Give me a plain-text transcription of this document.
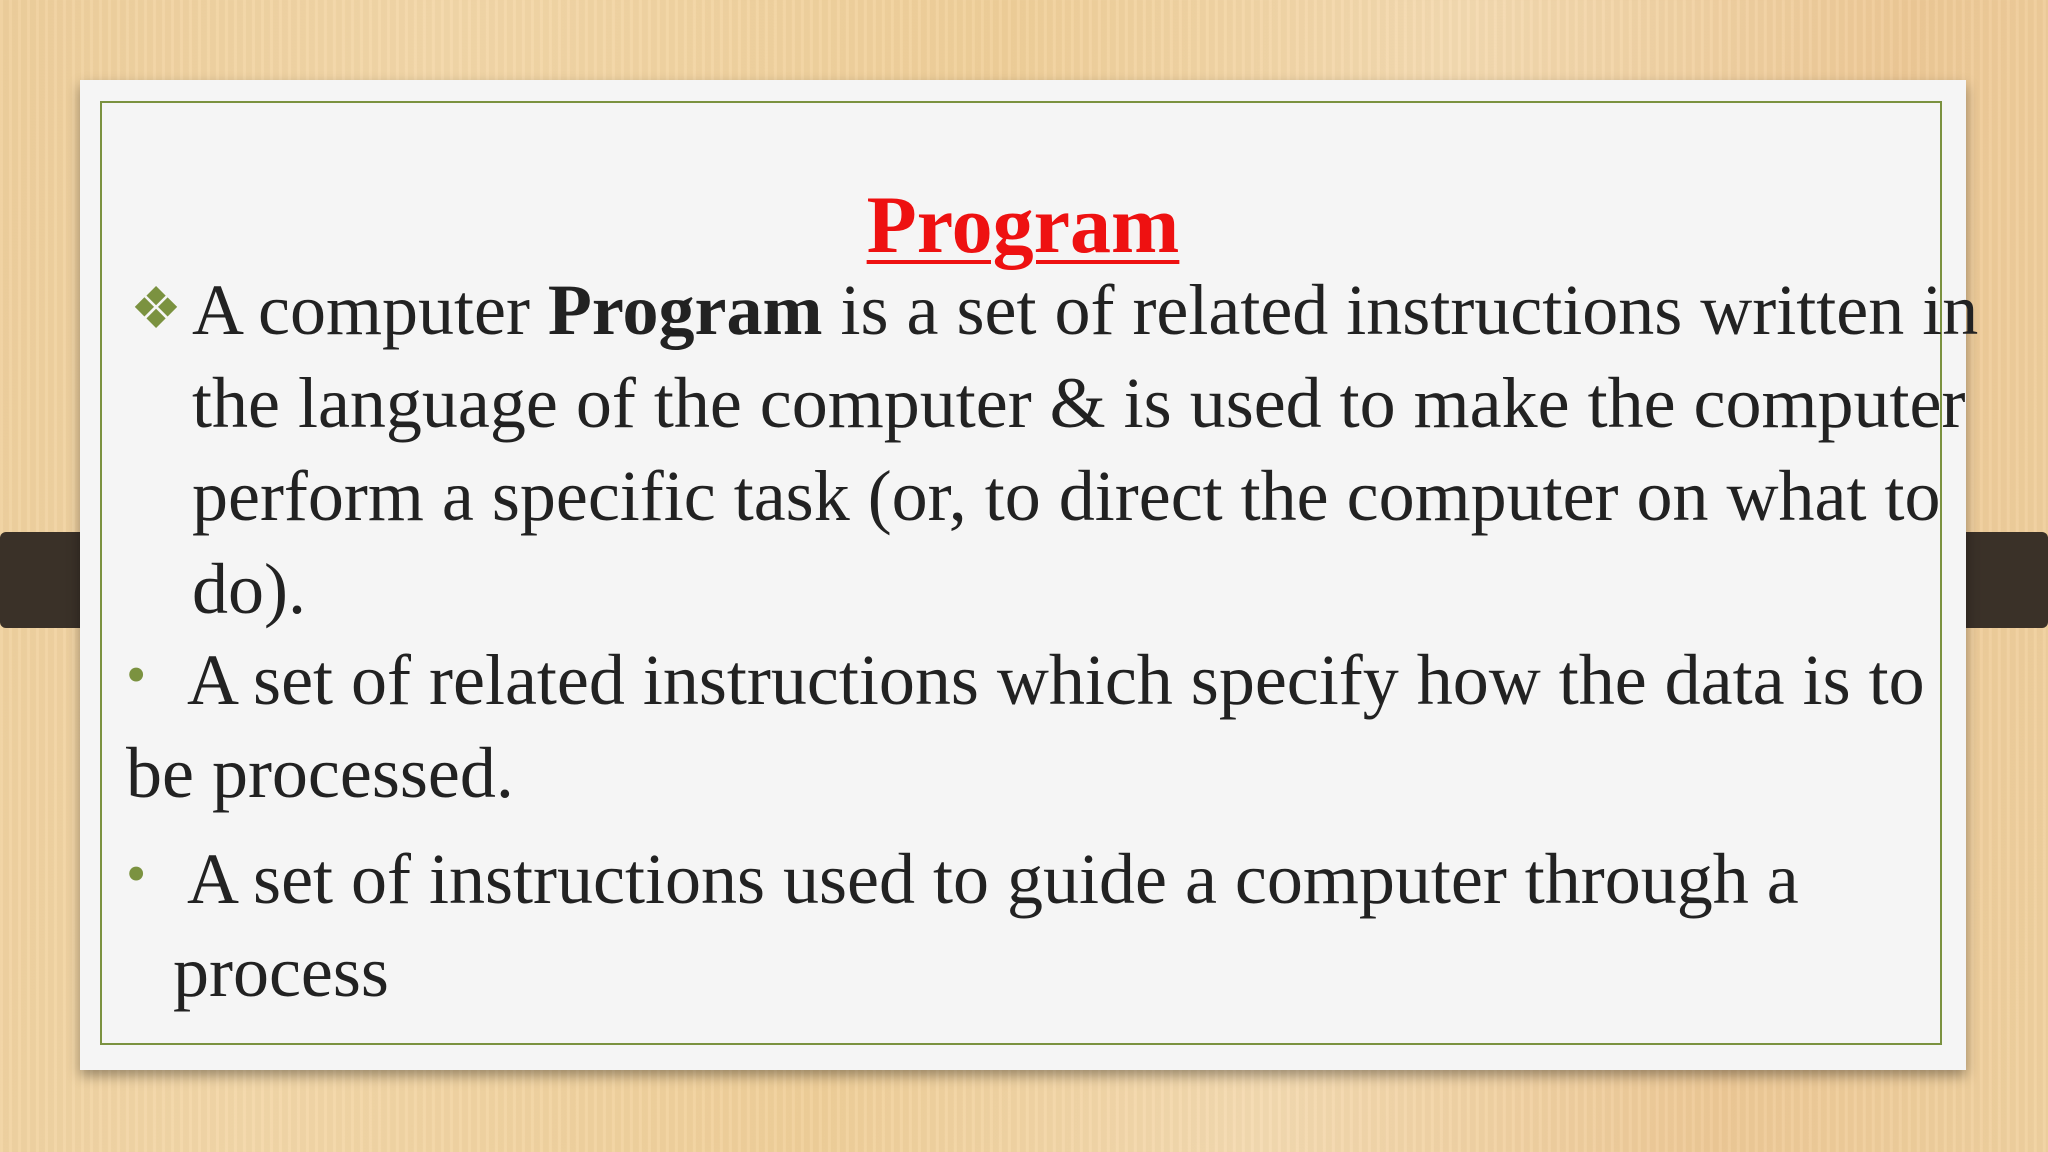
Program

❖ A computer Program is a set of related instructions written in the language of the computer & is used to make the computer perform a specific task (or, to direct the computer on what to do).

• A set of related instructions which specify how the data is to be processed.

• A set of instructions used to guide a computer through a process
